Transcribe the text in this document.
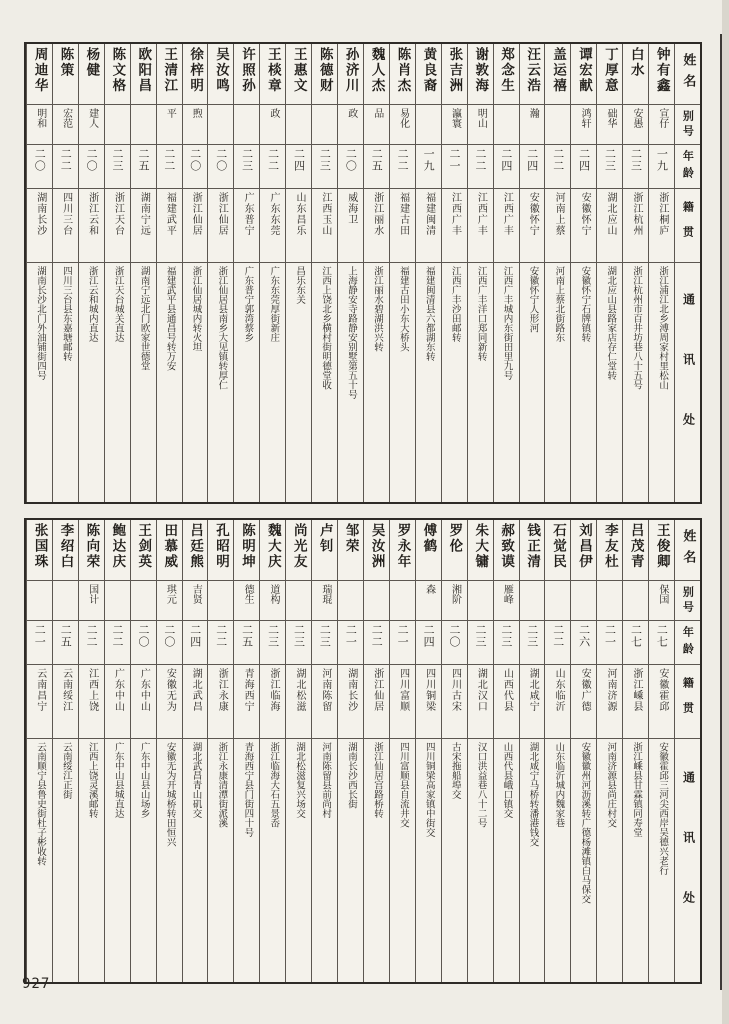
姓名
别号
年龄
籍贯
通讯处
钟有鑫
宣仔
一九
浙江桐庐
浙江浦江北乡溥周家村里松山
白水
安愚
二三
浙江杭州
浙江杭州市百井坊巷八十五号
丁厚意
础华
二三
湖北应山
湖北应山县路家店存仁堂转
谭宏献
鸿轩
二四
安徽怀宁
安徽怀宁石牌镇转
盖运禧
二二
河南上蔡
河南上蔡北街路东
汪云浩
瀚
二四
安徽怀宁
安徽怀宁人形河
郑念生
二四
江西广丰
江西广丰城内东街田里九号
谢敦海
明山
二二
江西广丰
江西广丰洋口郑同新转
张吉洲
瀛寰
二一
江西广丰
江西广丰沙田邮转
黄良裔
一九
福建闽清
福建闽清县六都湖东转
陈肖杰
易化
二二
福建古田
福建古田小东大桥头
魏人杰
品
二五
浙江丽水
浙江丽水碧湖洪兴转
孙济川
政
二〇
威海卫
上海静安寺路静安别墅第五十号
陈德财
二三
江西玉山
江西上饶北乡横村街明德堂收
王惠文
二四
山东昌乐
昌乐东关
王棪章
政
二二
广东东莞
广东东莞厚街新庄
许照孙
二三
广东普宁
广东普宁郭湾蔡乡
吴汝鸣
二〇
浙江仙居
浙江仙居县南乡大见镇转厚仁
徐梓明
煦
二〇
浙江仙居
浙江仙居城内转火坦
王清江
平
二二
福建武平
福建武平县通昌号转万安
欧阳昌
二五
湖南宁远
湖南宁远北门欧家世德堂
陈文格
二三
浙江天台
浙江天台城关直达
杨健
建人
二〇
浙江云和
浙江云和城内直达
陈策
宏范
二二
四川三台
四川三台县东嘉塘邮转
周迪华
明和
二〇
湖南长沙
湖南长沙北门外油铺街四号
姓名
别号
年龄
籍贯
通讯处
王俊卿
保国
二七
安徽霍邱
安徽霍邱三河尖西岸吴德兴老行
吕茂青
二七
浙江嵊县
浙江嵊县甘霖镇同寿堂
李友杜
二一
河南济源
河南济源县尚庄村交
刘昌伊
二六
安徽广德
安徽徽州河沥溪转广德杨滩镇白马保交
石觉民
二二
山东临沂
山东临沂城内魏家巷
钱正清
二三
湖北咸宁
湖北咸宁马桥转潘港钱交
郝致谟
雁峰
二三
山西代县
山西代县峨口镇交
朱大镛
二三
湖北汉口
汉口洪益巷八十二号
罗伦
湘阶
二〇
四川古宋
古宋拖船埠交
傅鹤
森
二四
四川铜梁
四川铜梁高家镇中街交
罗永年
二一
四川富顺
四川富顺县自流井交
吴汝洲
二二
浙江仙居
浙江仙居宫路桥转
邹荣
二一
湖南长沙
湖南长沙西长街
卢钊
瑞琨
二三
河南陈留
河南陈留县前尚村
尚光友
二三
湖北松滋
湖北松滋复兴场交
魏大庆
道构
二三
浙江临海
浙江临海大石五景岙
陈明坤
德生
二五
青海西宁
青海西宁县门街四十号
孔昭明
二二
浙江永康
浙江永康清潭街派溪
吕廷熊
吉贤
二四
湖北武昌
湖北武昌青山矶交
田慕威
琪元
二〇
安徽无为
安徽无为开城桥转田恒兴
王剑英
二〇
广东中山
广东中山县山场乡
鲍达庆
二二
广东中山
广东中山县城直达
陈向荣
国计
二二
江西上饶
江西上饶灵溪邮转
李绍白
二五
云南绥江
云南绥江正街
张国珠
二一
云南昌宁
云南顺宁县鲁史街杜子彬收转
927
